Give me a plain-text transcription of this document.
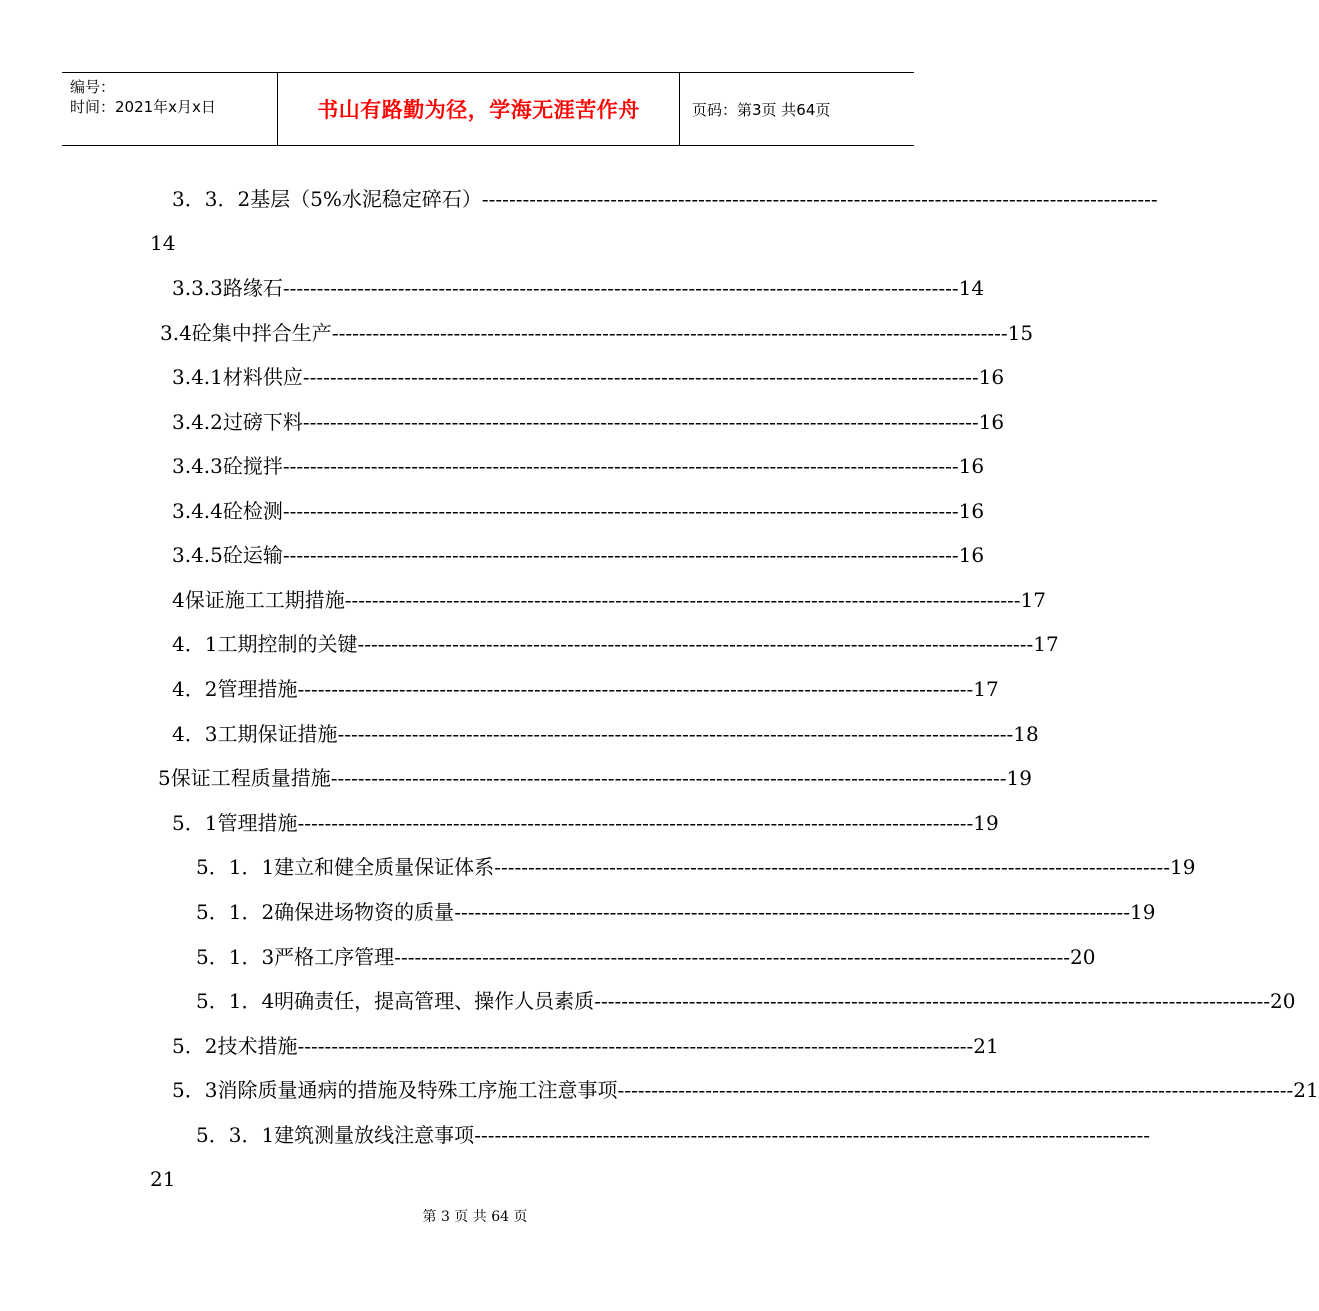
编号：
时间：2021年x月x日	书山有路勤为径，学海无涯苦作舟	页码：第3页 共64页
3．3．2基层（5%水泥稳定碎石） ----------------------------------------------------------------------------------------------------
14
3.3.3路缘石 ---------------------------------------------------------------------------------------------------- 14
3.4砼集中拌合生产 ---------------------------------------------------------------------------------------------------- 15
3.4.1材料供应 ---------------------------------------------------------------------------------------------------- 16
3.4.2过磅下料 ---------------------------------------------------------------------------------------------------- 16
3.4.3砼搅拌 ---------------------------------------------------------------------------------------------------- 16
3.4.4砼检测 ---------------------------------------------------------------------------------------------------- 16
3.4.5砼运输 ---------------------------------------------------------------------------------------------------- 16
4保证施工工期措施 ---------------------------------------------------------------------------------------------------- 17
4．1工期控制的关键 ---------------------------------------------------------------------------------------------------- 17
4．2管理措施 ---------------------------------------------------------------------------------------------------- 17
4．3工期保证措施 ---------------------------------------------------------------------------------------------------- 18
5保证工程质量措施 ---------------------------------------------------------------------------------------------------- 19
5．1管理措施 ---------------------------------------------------------------------------------------------------- 19
5．1．1建立和健全质量保证体系 ---------------------------------------------------------------------------------------------------- 19
5．1．2确保进场物资的质量 ---------------------------------------------------------------------------------------------------- 19
5．1．3严格工序管理 ---------------------------------------------------------------------------------------------------- 20
5．1．4明确责任，提高管理、操作人员素质 ---------------------------------------------------------------------------------------------------- 20
5．2技术措施 ---------------------------------------------------------------------------------------------------- 21
5．3消除质量通病的措施及特殊工序施工注意事项 ---------------------------------------------------------------------------------------------------- 21
5．3．1建筑测量放线注意事项 ----------------------------------------------------------------------------------------------------
21
第 3 页 共 64 页
